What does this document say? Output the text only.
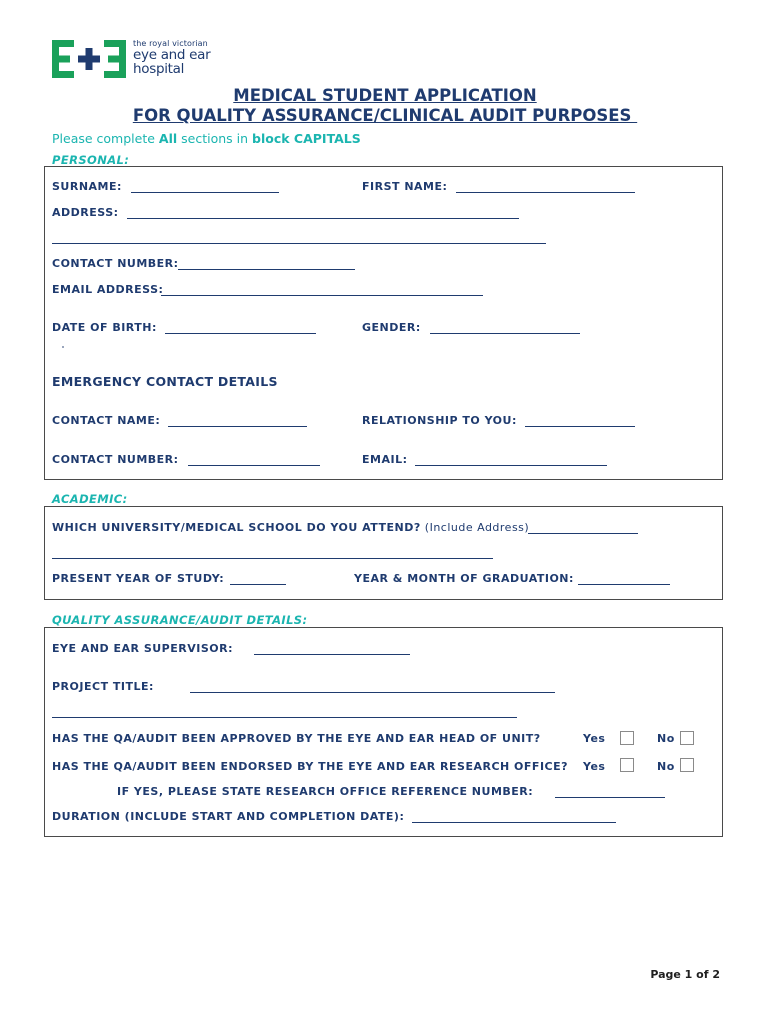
the royal victorian
eye and ear
hospital
MEDICAL STUDENT APPLICATION
FOR QUALITY ASSURANCE/CLINICAL AUDIT PURPOSES
Please complete All sections in block CAPITALS
PERSONAL:
SURNAME:	FIRST NAME:
ADDRESS:
CONTACT NUMBER:
EMAIL ADDRESS:
DATE OF BIRTH:	GENDER:
EMERGENCY CONTACT DETAILS
CONTACT NAME:	RELATIONSHIP TO YOU:
CONTACT NUMBER:	EMAIL:
ACADEMIC:
WHICH UNIVERSITY/MEDICAL SCHOOL DO YOU ATTEND? (Include Address)
PRESENT YEAR OF STUDY:	YEAR & MONTH OF GRADUATION:
QUALITY ASSURANCE/AUDIT DETAILS:
EYE AND EAR SUPERVISOR:
PROJECT TITLE:
HAS THE QA/AUDIT BEEN APPROVED BY THE EYE AND EAR HEAD OF UNIT?	Yes	No
HAS THE QA/AUDIT BEEN ENDORSED BY THE EYE AND EAR RESEARCH OFFICE? Yes	No
IF YES, PLEASE STATE RESEARCH OFFICE REFERENCE NUMBER:
DURATION (INCLUDE START AND COMPLETION DATE):
Page 1 of 2
